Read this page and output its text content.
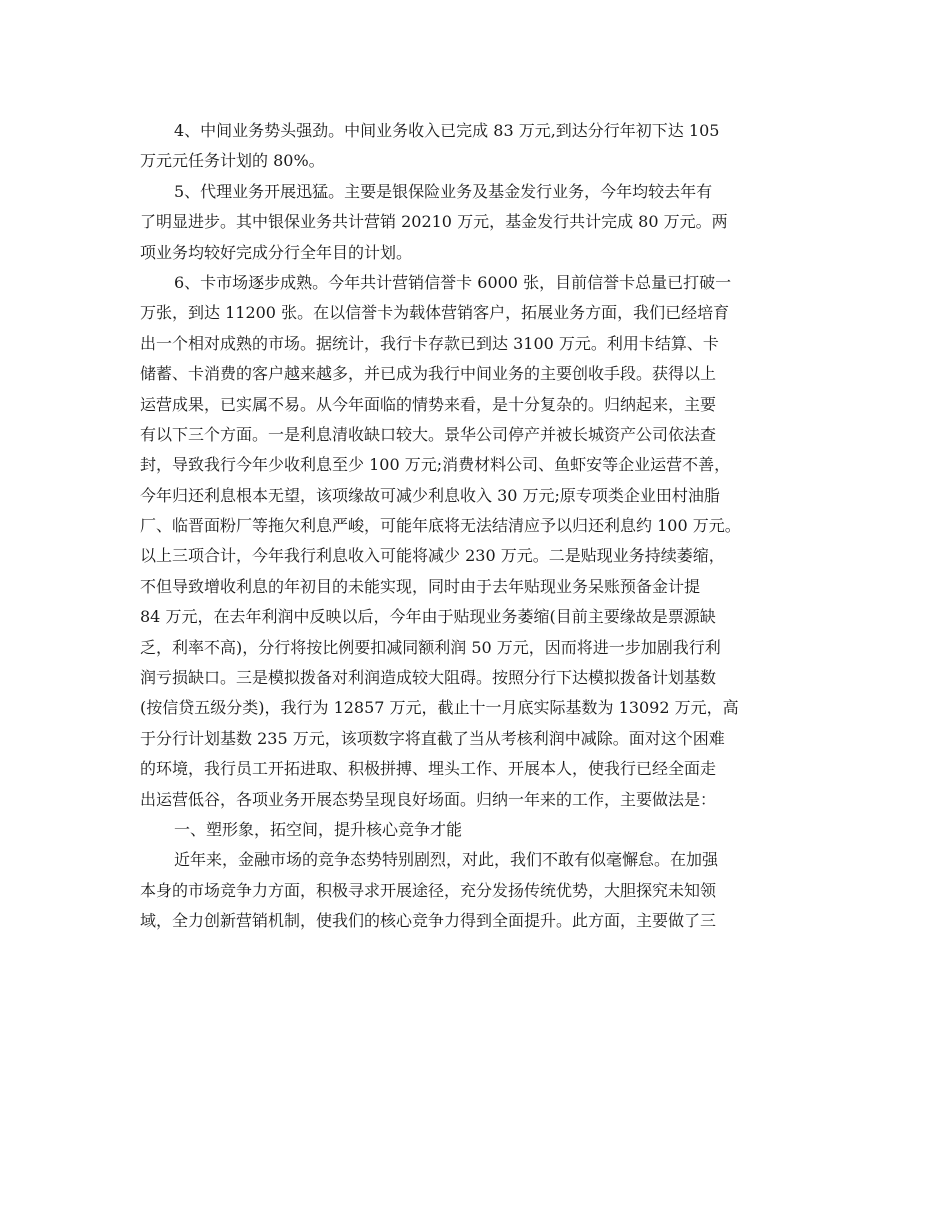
4、中间业务势头强劲。中间业务收入已完成 83 万元,到达分行年初下达 105
万元元任务计划的 80%。

5、代理业务开展迅猛。主要是银保险业务及基金发行业务，今年均较去年有
了明显进步。其中银保业务共计营销 20210 万元，基金发行共计完成 80 万元。两
项业务均较好完成分行全年目的计划。

6、卡市场逐步成熟。今年共计营销信誉卡 6000 张，目前信誉卡总量已打破一
万张，到达 11200 张。在以信誉卡为载体营销客户，拓展业务方面，我们已经培育
出一个相对成熟的市场。据统计，我行卡存款已到达 3100 万元。利用卡结算、卡
储蓄、卡消费的客户越来越多，并已成为我行中间业务的主要创收手段。获得以上
运营成果，已实属不易。从今年面临的情势来看，是十分复杂的。归纳起来，主要
有以下三个方面。一是利息清收缺口较大。景华公司停产并被长城资产公司依法查
封，导致我行今年少收利息至少 100 万元;消费材料公司、鱼虾安等企业运营不善，
今年归还利息根本无望，该项缘故可减少利息收入 30 万元;原专项类企业田村油脂
厂、临晋面粉厂等拖欠利息严峻，可能年底将无法结清应予以归还利息约 100 万元。
以上三项合计，今年我行利息收入可能将减少 230 万元。二是贴现业务持续萎缩，
不但导致增收利息的年初目的未能实现，同时由于去年贴现业务呆账预备金计提
84 万元，在去年利润中反映以后，今年由于贴现业务萎缩(目前主要缘故是票源缺
乏，利率不高)，分行将按比例要扣减同额利润 50 万元，因而将进一步加剧我行利
润亏损缺口。三是模拟拨备对利润造成较大阻碍。按照分行下达模拟拨备计划基数
(按信贷五级分类)，我行为 12857 万元，截止十一月底实际基数为 13092 万元，高
于分行计划基数 235 万元，该项数字将直截了当从考核利润中减除。面对这个困难
的环境，我行员工开拓进取、积极拼搏、埋头工作、开展本人，使我行已经全面走
出运营低谷，各项业务开展态势呈现良好场面。归纳一年来的工作，主要做法是：

一、塑形象，拓空间，提升核心竞争才能

近年来，金融市场的竞争态势特别剧烈，对此，我们不敢有似毫懈怠。在加强
本身的市场竞争力方面，积极寻求开展途径，充分发扬传统优势，大胆探究未知领
域，全力创新营销机制，使我们的核心竞争力得到全面提升。此方面，主要做了三
